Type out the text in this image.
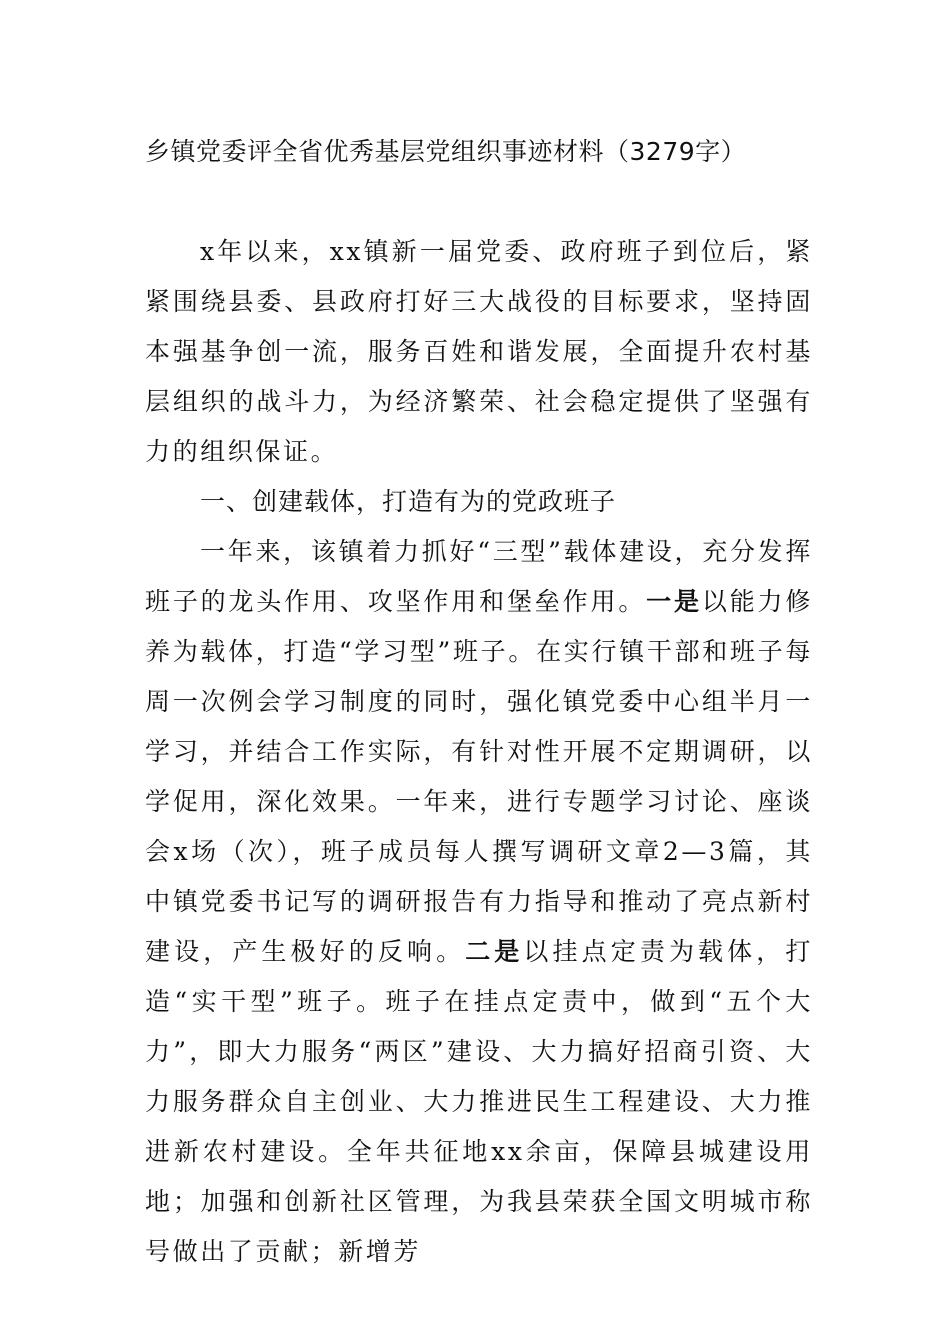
乡镇党委评全省优秀基层党组织事迹材料（3279字）
x年以来，xx镇新一届党委、政府班子到位后，紧紧围绕县委、县政府打好三大战役的目标要求，坚持固本强基争创一流，服务百姓和谐发展，全面提升农村基层组织的战斗力，为经济繁荣、社会稳定提供了坚强有力的组织保证。
一、创建载体，打造有为的党政班子
一年来，该镇着力抓好“三型”载体建设，充分发挥班子的龙头作用、攻坚作用和堡垒作用。一是以能力修养为载体，打造“学习型”班子。在实行镇干部和班子每周一次例会学习制度的同时，强化镇党委中心组半月一学习，并结合工作实际，有针对性开展不定期调研，以学促用，深化效果。一年来，进行专题学习讨论、座谈会x场（次），班子成员每人撰写调研文章2—3篇，其中镇党委书记写的调研报告有力指导和推动了亮点新村建设，产生极好的反响。二是以挂点定责为载体，打造“实干型”班子。班子在挂点定责中，做到“五个大力”，即大力服务“两区”建设、大力搞好招商引资、大力服务群众自主创业、大力推进民生工程建设、大力推进新农村建设。全年共征地xx余亩，保障县城建设用地；加强和创新社区管理，为我县荣获全国文明城市称号做出了贡献；新增芳
